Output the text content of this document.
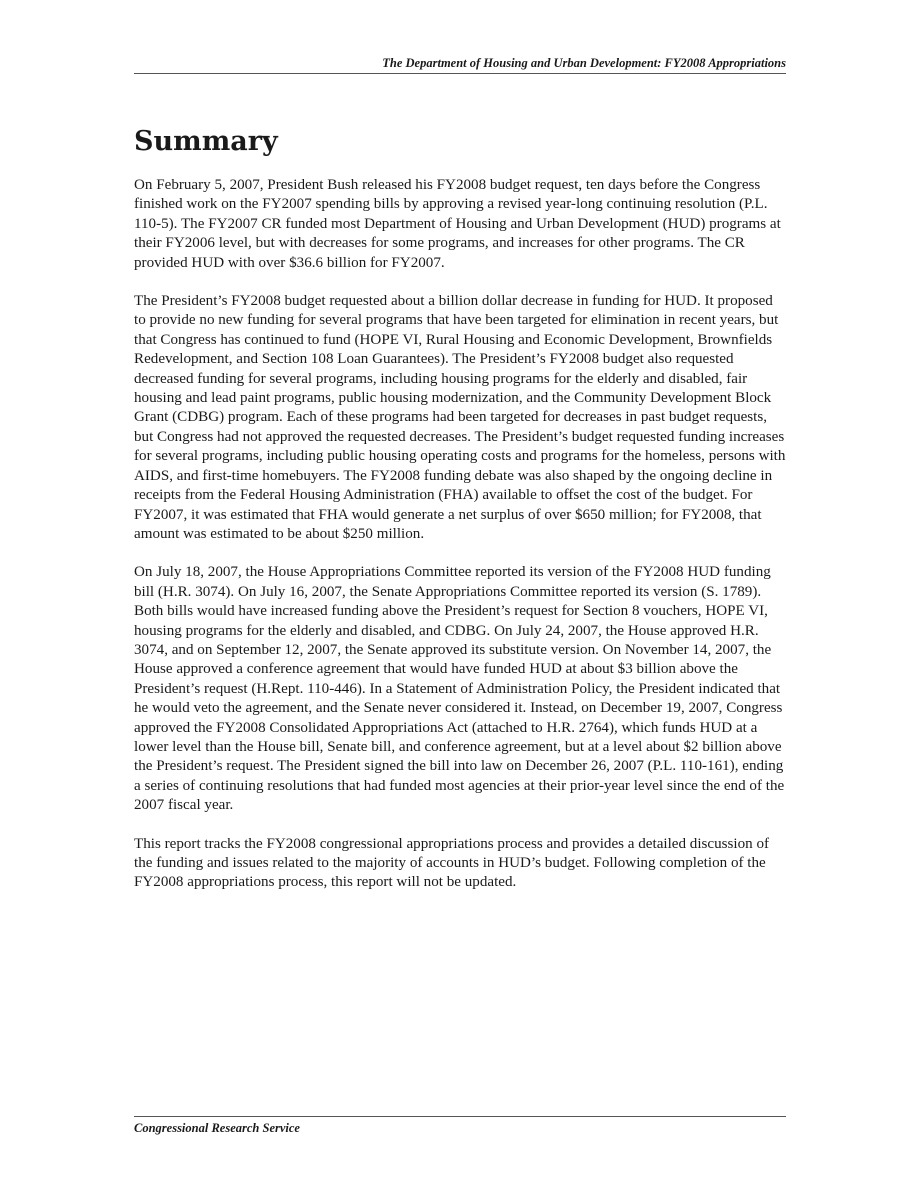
The Department of Housing and Urban Development: FY2008 Appropriations
Summary

On February 5, 2007, President Bush released his FY2008 budget request, ten days before the Congress finished work on the FY2007 spending bills by approving a revised year-long continuing resolution (P.L. 110-5). The FY2007 CR funded most Department of Housing and Urban Development (HUD) programs at their FY2006 level, but with decreases for some programs, and increases for other programs. The CR provided HUD with over $36.6 billion for FY2007.

The President’s FY2008 budget requested about a billion dollar decrease in funding for HUD. It proposed to provide no new funding for several programs that have been targeted for elimination in recent years, but that Congress has continued to fund (HOPE VI, Rural Housing and Economic Development, Brownfields Redevelopment, and Section 108 Loan Guarantees). The President’s FY2008 budget also requested decreased funding for several programs, including housing programs for the elderly and disabled, fair housing and lead paint programs, public housing modernization, and the Community Development Block Grant (CDBG) program. Each of these programs had been targeted for decreases in past budget requests, but Congress had not approved the requested decreases. The President’s budget requested funding increases for several programs, including public housing operating costs and programs for the homeless, persons with AIDS, and first-time homebuyers. The FY2008 funding debate was also shaped by the ongoing decline in receipts from the Federal Housing Administration (FHA) available to offset the cost of the budget. For FY2007, it was estimated that FHA would generate a net surplus of over $650 million; for FY2008, that amount was estimated to be about $250 million.

On July 18, 2007, the House Appropriations Committee reported its version of the FY2008 HUD funding bill (H.R. 3074). On July 16, 2007, the Senate Appropriations Committee reported its version (S. 1789). Both bills would have increased funding above the President’s request for Section 8 vouchers, HOPE VI, housing programs for the elderly and disabled, and CDBG. On July 24, 2007, the House approved H.R. 3074, and on September 12, 2007, the Senate approved its substitute version. On November 14, 2007, the House approved a conference agreement that would have funded HUD at about $3 billion above the President’s request (H.Rept. 110-446). In a Statement of Administration Policy, the President indicated that he would veto the agreement, and the Senate never considered it. Instead, on December 19, 2007, Congress approved the FY2008 Consolidated Appropriations Act (attached to H.R. 2764), which funds HUD at a lower level than the House bill, Senate bill, and conference agreement, but at a level about $2 billion above the President’s request. The President signed the bill into law on December 26, 2007 (P.L. 110-161), ending a series of continuing resolutions that had funded most agencies at their prior-year level since the end of the 2007 fiscal year.

This report tracks the FY2008 congressional appropriations process and provides a detailed discussion of the funding and issues related to the majority of accounts in HUD’s budget. Following completion of the FY2008 appropriations process, this report will not be updated.

Congressional Research Service
